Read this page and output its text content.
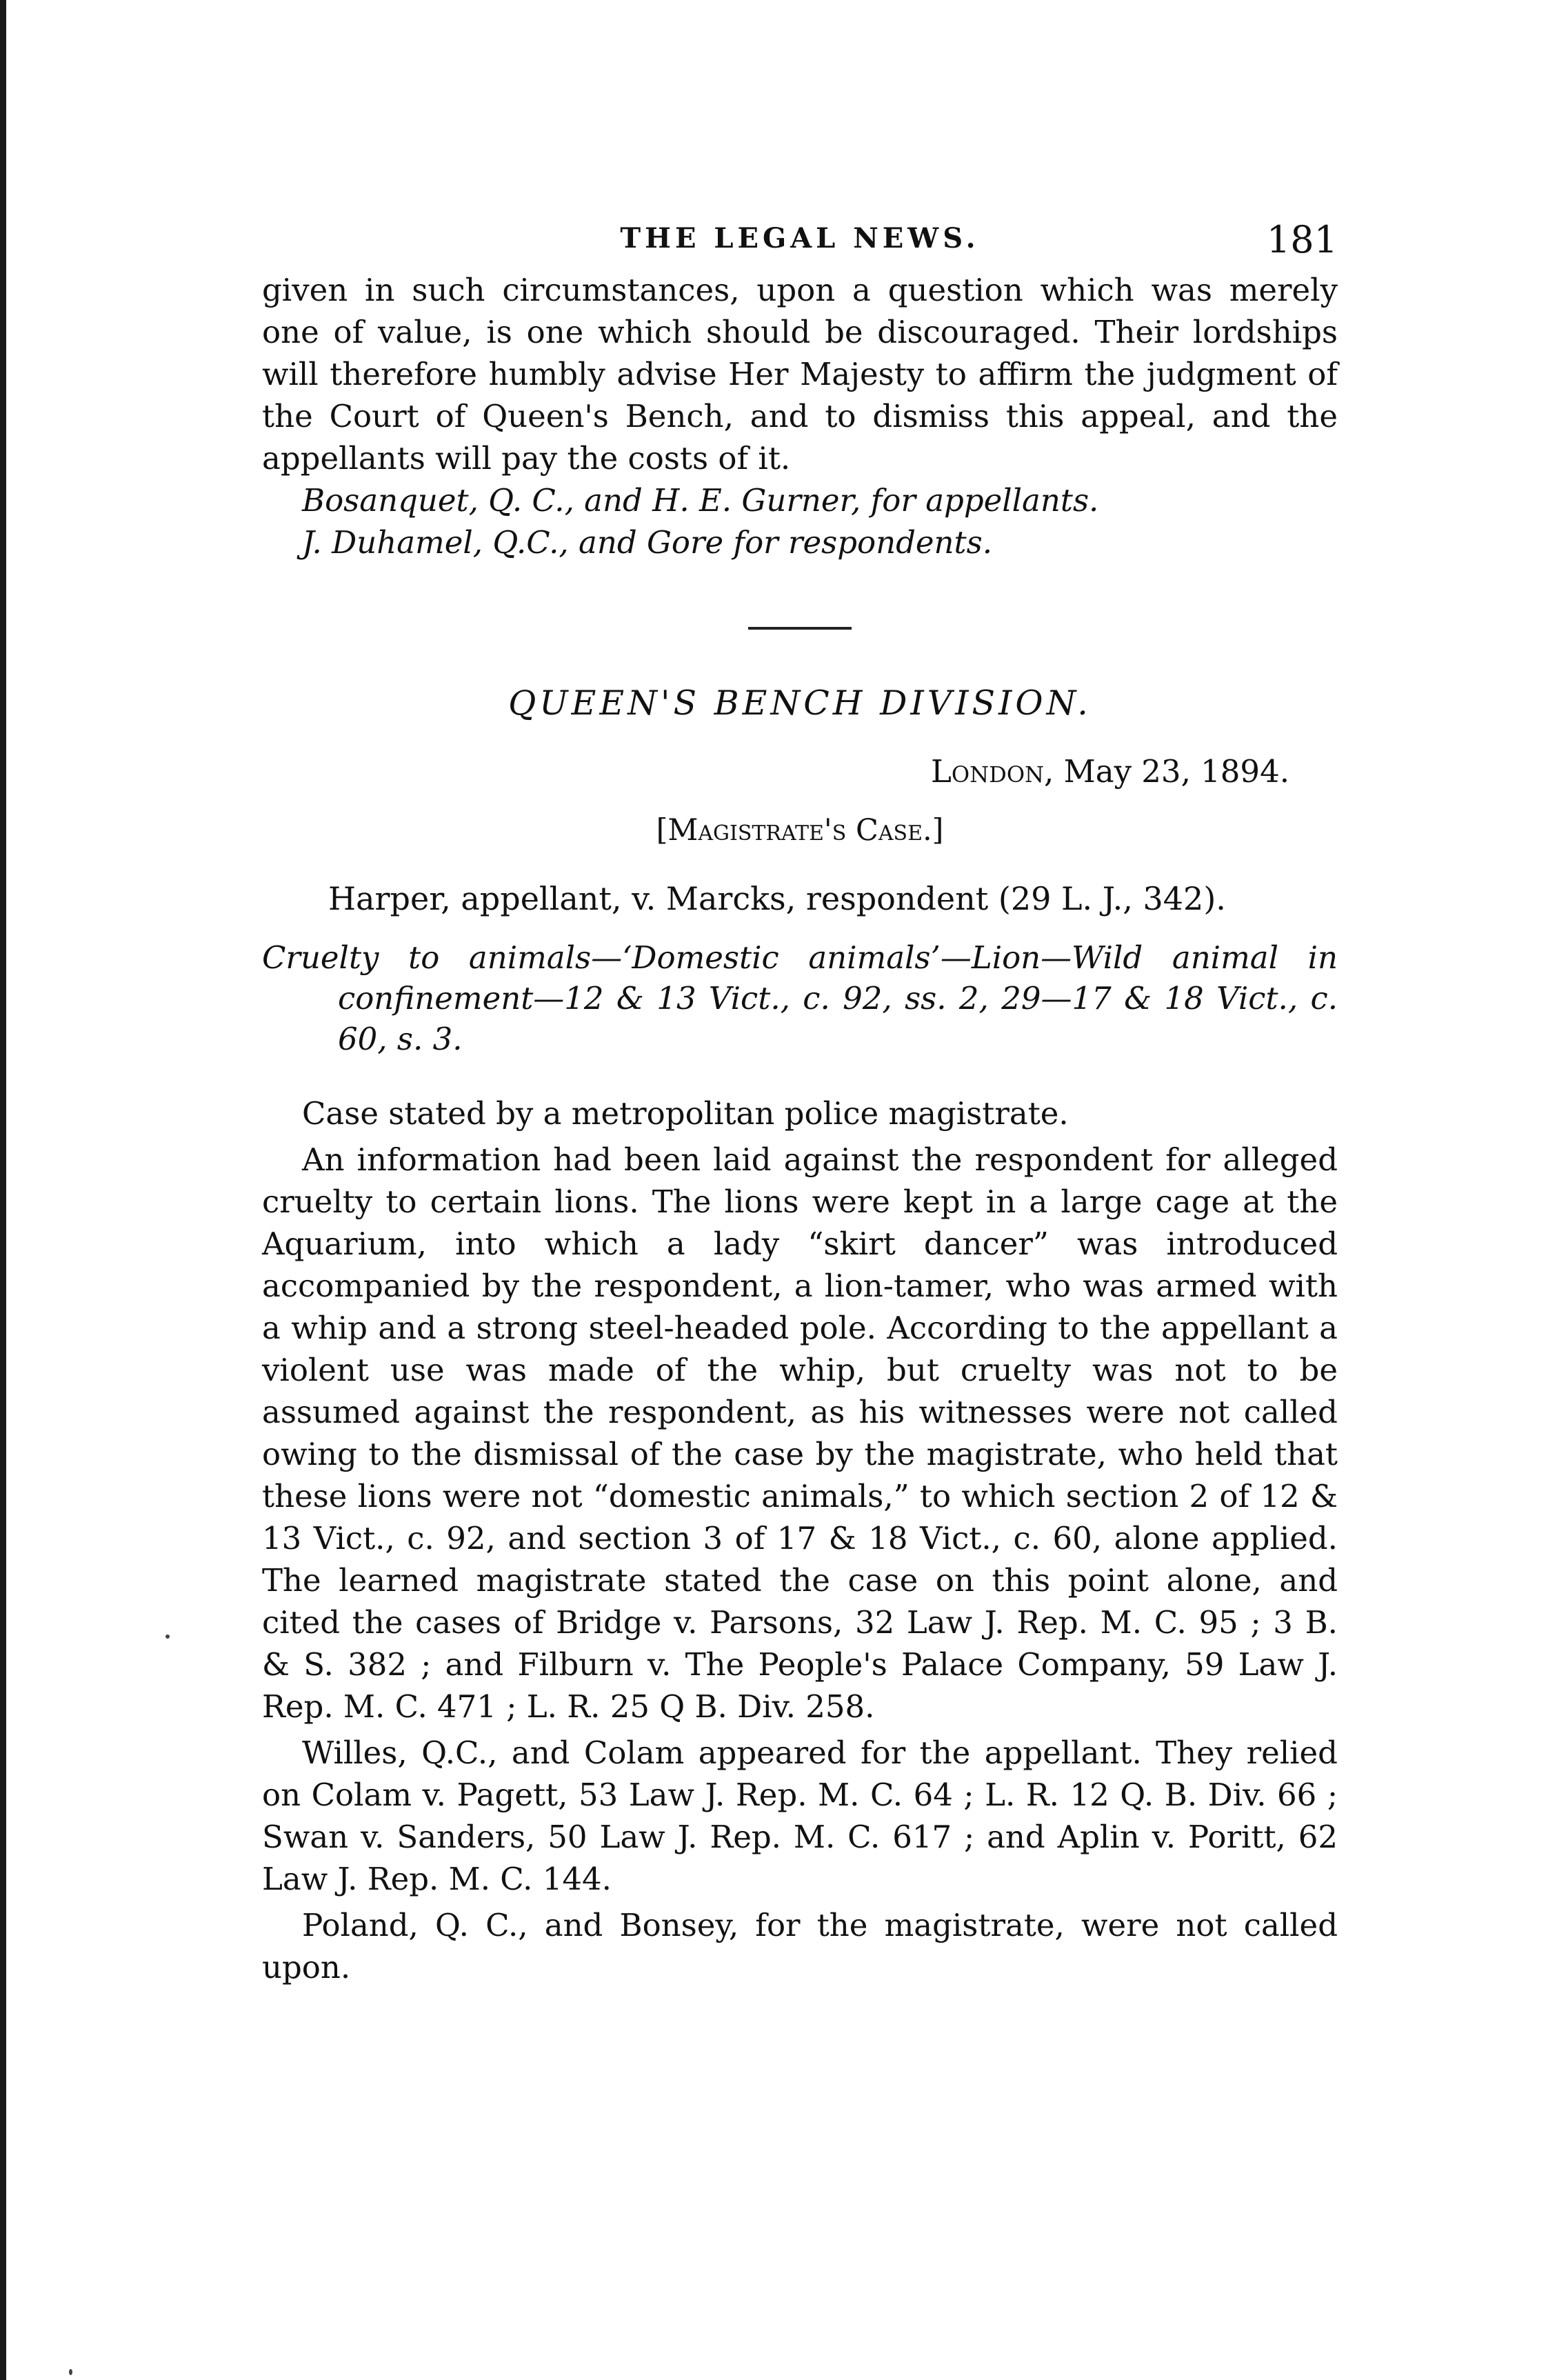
THE LEGAL NEWS.	181

given in such circumstances, upon a question which was merely one of value, is one which should be discouraged. Their lordships will therefore humbly advise Her Majesty to affirm the judgment of the Court of Queen's Bench, and to dismiss this appeal, and the appellants will pay the costs of it.

Bosanquet, Q. C., and H. E. Gurner, for appellants.

J. Duhamel, Q.C., and Gore for respondents.

QUEEN'S BENCH DIVISION.
London, May 23, 1894.
[Magistrate's Case.]

Harper, appellant, v. Marcks, respondent (29 L. J., 342).

Cruelty to animals—‘Domestic animals’—Lion—Wild animal in confinement—12 & 13 Vict., c. 92, ss. 2, 29—17 & 18 Vict., c. 60, s. 3.

Case stated by a metropolitan police magistrate.

An information had been laid against the respondent for alleged cruelty to certain lions. The lions were kept in a large cage at the Aquarium, into which a lady “skirt dancer” was introduced accompanied by the respondent, a lion-tamer, who was armed with a whip and a strong steel-headed pole. According to the appellant a violent use was made of the whip, but cruelty was not to be assumed against the respondent, as his witnesses were not called owing to the dismissal of the case by the magistrate, who held that these lions were not “domestic animals,” to which section 2 of 12 & 13 Vict., c. 92, and section 3 of 17 & 18 Vict., c. 60, alone applied. The learned magistrate stated the case on this point alone, and cited the cases of Bridge v. Parsons, 32 Law J. Rep. M. C. 95 ; 3 B. & S. 382 ; and Filburn v. The People's Palace Company, 59 Law J. Rep. M. C. 471 ; L. R. 25 Q B. Div. 258.

Willes, Q.C., and Colam appeared for the appellant. They relied on Colam v. Pagett, 53 Law J. Rep. M. C. 64 ; L. R. 12 Q. B. Div. 66 ; Swan v. Sanders, 50 Law J. Rep. M. C. 617 ; and Aplin v. Poritt, 62 Law J. Rep. M. C. 144.

Poland, Q. C., and Bonsey, for the magistrate, were not called upon.
